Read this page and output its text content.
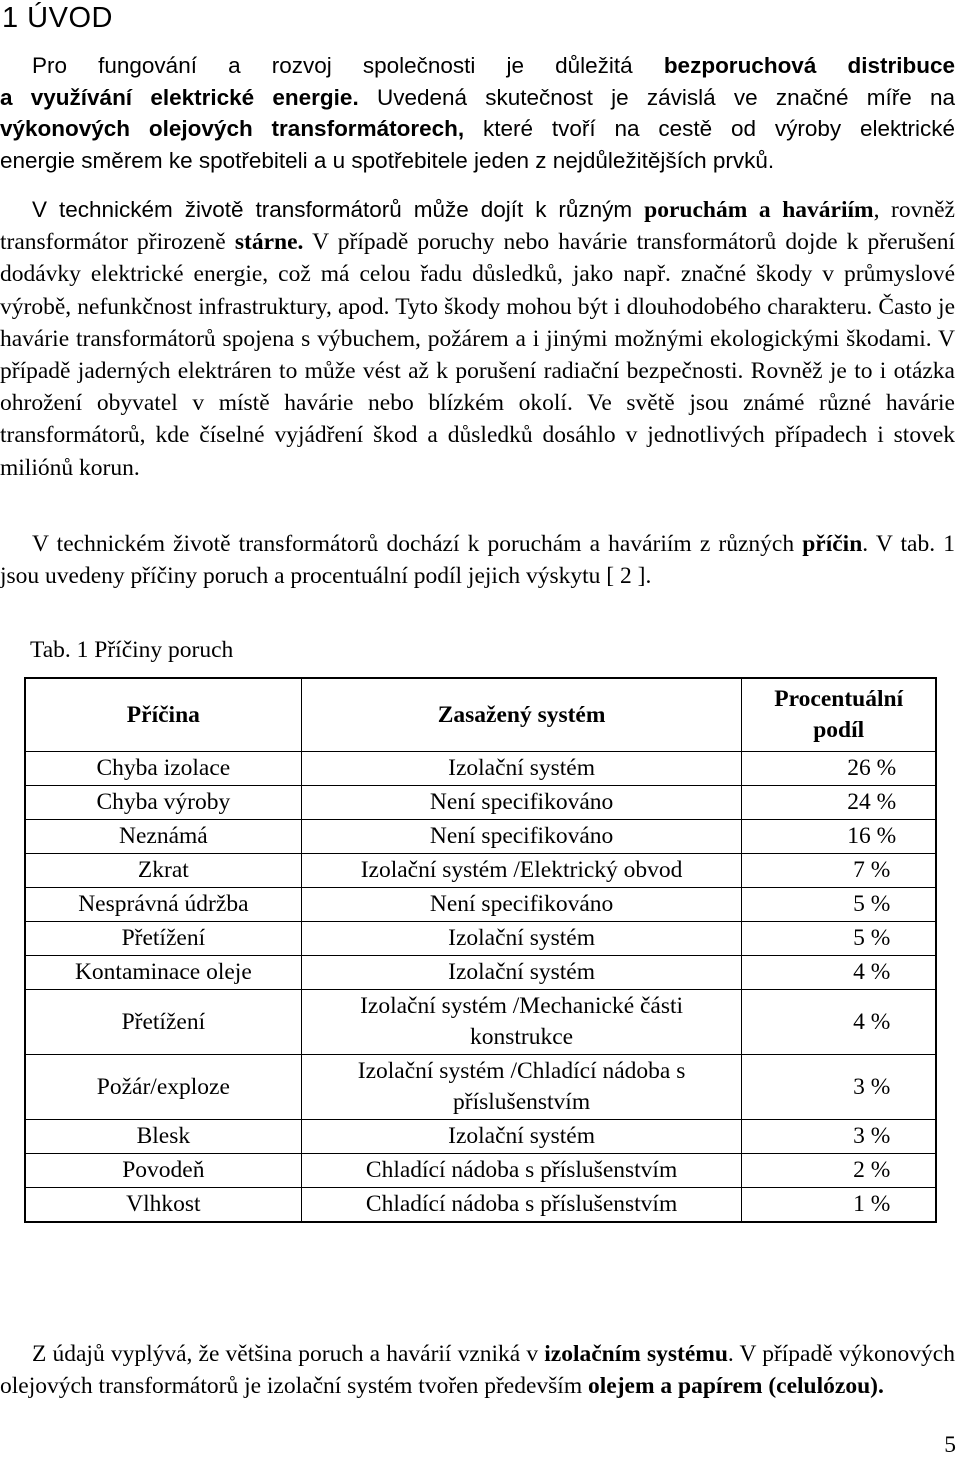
1 ÚVOD
Pro fungování a rozvoj společnosti je důležitá bezporuchová distribuce
a využívání elektrické energie. Uvedená skutečnost je závislá ve značné míře na
výkonových olejových transformátorech, které tvoří na cestě od výroby elektrické
energie směrem ke spotřebiteli a u spotřebitele jeden z nejdůležitějších prvků.

V technickém životě transformátorů může dojít k různým poruchám a haváriím, rovněž transformátor přirozeně stárne. V případě poruchy nebo havárie transformátorů dojde k přerušení dodávky elektrické energie, což má celou řadu důsledků, jako např. značné škody v průmyslové výrobě, nefunkčnost infrastruktury, apod. Tyto škody mohou být i dlouhodobého charakteru. Často je havárie transformátorů spojena s výbuchem, požárem a i jinými možnými ekologickými škodami. V případě jaderných elektráren to může vést až k porušení radiační bezpečnosti. Rovněž je to i otázka ohrožení obyvatel v místě havárie nebo blízkém okolí. Ve světě jsou známé různé havárie transformátorů, kde číselné vyjádření škod a důsledků dosáhlo v jednotlivých případech i stovek miliónů korun.

V technickém životě transformátorů dochází k poruchám a haváriím z různých příčin. V tab. 1 jsou uvedeny příčiny poruch a procentuální podíl jejich výskytu [ 2 ].

Tab. 1 Příčiny poruch
Příčina	Zasažený systém	Procentuální podíl
Chyba izolace	Izolační systém	26 %
Chyba výroby	Není specifikováno	24 %
Neznámá	Není specifikováno	16 %
Zkrat	Izolační systém /Elektrický obvod	7 %
Nesprávná údržba	Není specifikováno	5 %
Přetížení	Izolační systém	5 %
Kontaminace oleje	Izolační systém	4 %
Přetížení	Izolační systém /Mechanické části konstrukce	4 %
Požár/exploze	Izolační systém /Chladící nádoba s příslušenstvím	3 %
Blesk	Izolační systém	3 %
Povodeň	Chladící nádoba s příslušenstvím	2 %
Vlhkost	Chladící nádoba s příslušenstvím	1 %

Z údajů vyplývá, že většina poruch a havárií vzniká v izolačním systému. V případě výkonových olejových transformátorů je izolační systém tvořen především olejem a papírem (celulózou).

5
